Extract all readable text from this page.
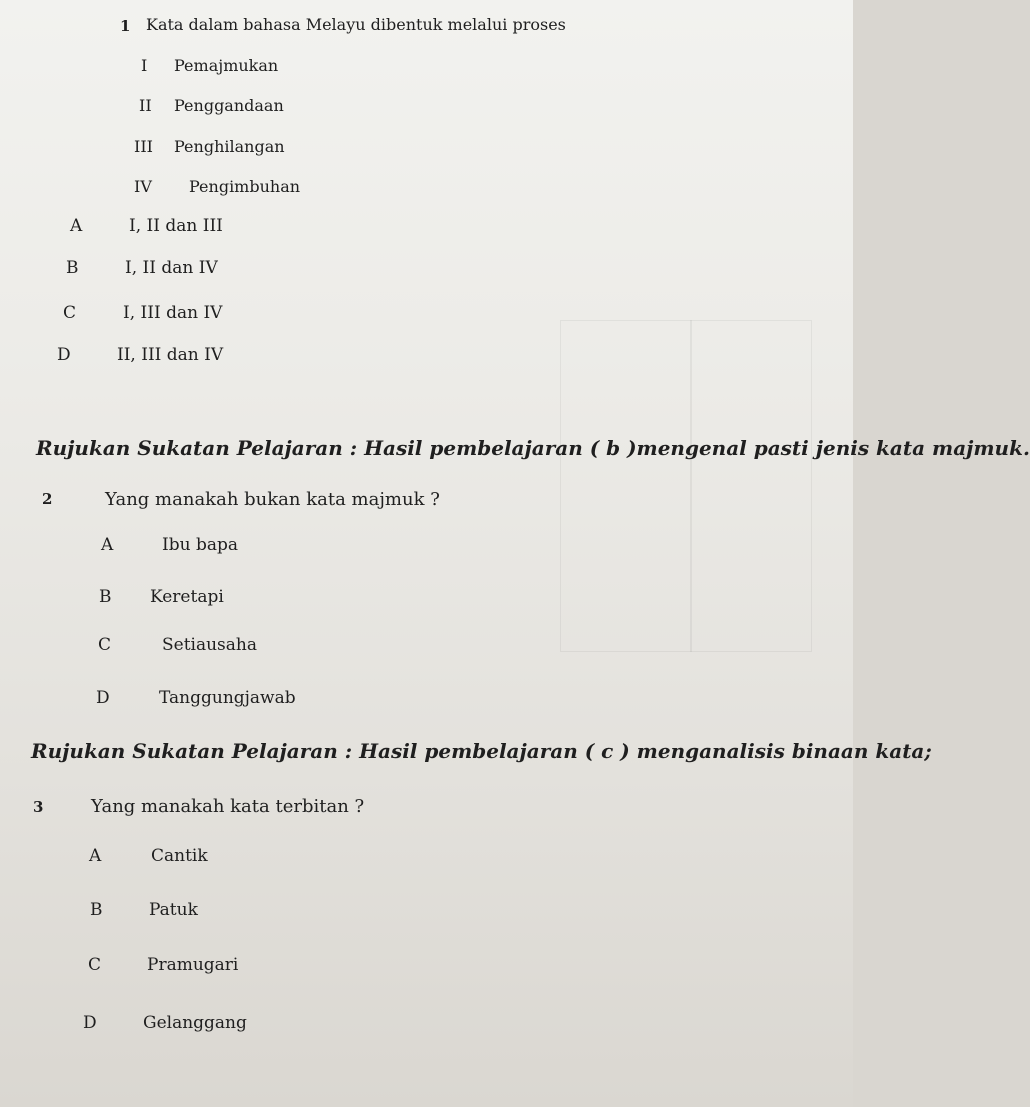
1 Kata dalam bahasa Melayu dibentuk melalui proses
I Pemajmukan
II Penggandaan
III Penghilangan
IV Pengimbuhan
A	I, II dan III
B	I, II dan IV
C	I, III dan IV
D	II, III dan IV
Rujukan Sukatan Pelajaran : Hasil pembelajaran ( b )mengenal pasti jenis kata majmuk.
2	Yang manakah bukan kata majmuk ?
A	Ibu bapa
B Keretapi
C	Setiausaha
D	Tanggungjawab
Rujukan Sukatan Pelajaran : Hasil pembelajaran ( c ) menganalisis binaan kata;
3	Yang manakah kata terbitan ?
A	Cantik
B	Patuk
C	Pramugari
D	Gelanggang
